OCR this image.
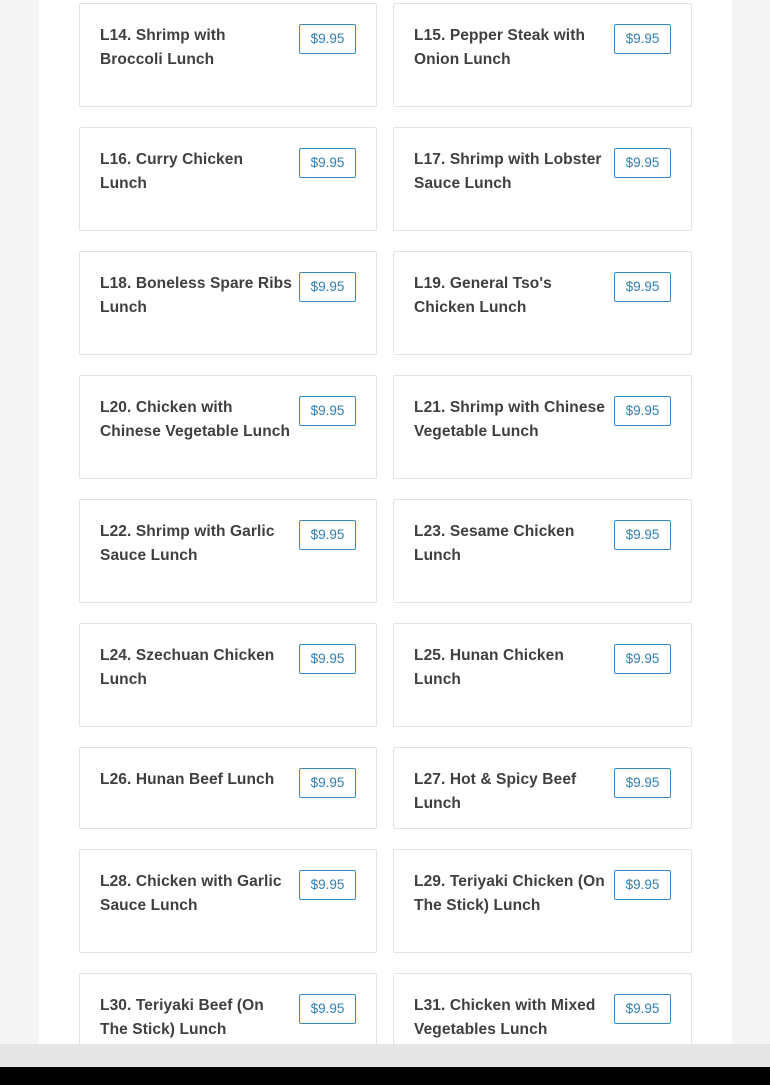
L14. Shrimp with Broccoli Lunch
$9.95	L15. Pepper Steak with Onion Lunch
$9.95
L16. Curry Chicken Lunch
$9.95	L17. Shrimp with Lobster Sauce Lunch
$9.95
L18. Boneless Spare Ribs Lunch
$9.95	L19. General Tso's Chicken Lunch
$9.95
L20. Chicken with Chinese Vegetable Lunch
$9.95	L21. Shrimp with Chinese Vegetable Lunch
$9.95
L22. Shrimp with Garlic Sauce Lunch
$9.95	L23. Sesame Chicken Lunch
$9.95
L24. Szechuan Chicken Lunch
$9.95	L25. Hunan Chicken Lunch
$9.95
L26. Hunan Beef Lunch	$9.95	L27. Hot & Spicy Beef Lunch
$9.95
L28. Chicken with Garlic Sauce Lunch
$9.95	L29. Teriyaki Chicken (On The Stick) Lunch
$9.95
L30. Teriyaki Beef (On The Stick) Lunch
$9.95	L31. Chicken with Mixed Vegetables Lunch
$9.95
